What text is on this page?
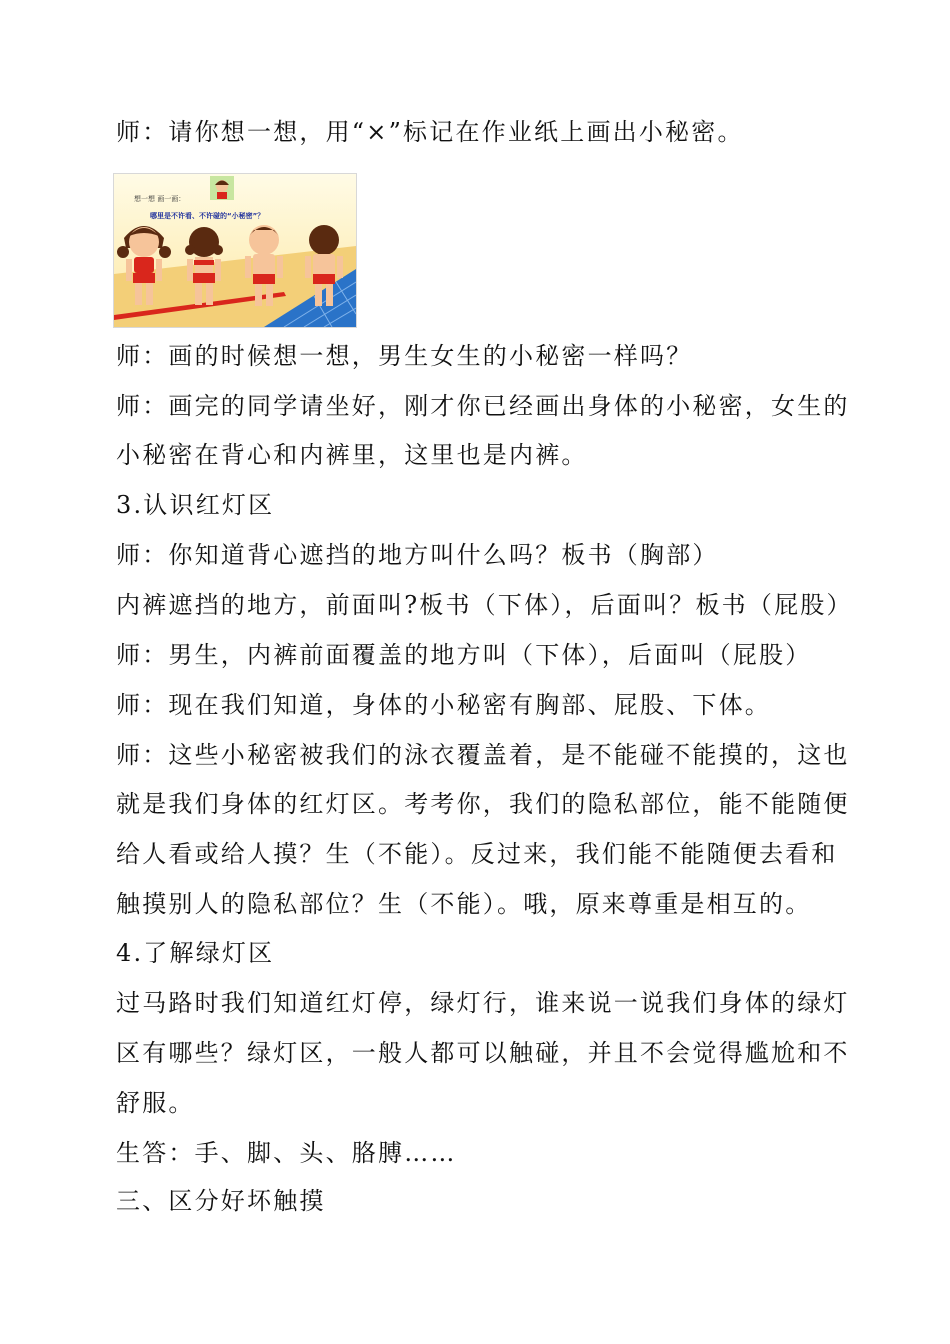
师：请你想一想，用“×”标记在作业纸上画出小秘密。
想一想 画一画：
哪里是不许看、不许碰的“小秘密”？
师：画的时候想一想，男生女生的小秘密一样吗？
师：画完的同学请坐好，刚才你已经画出身体的小秘密，女生的
小秘密在背心和内裤里，这里也是内裤。
3.认识红灯区
师：你知道背心遮挡的地方叫什么吗？板书（胸部）
内裤遮挡的地方，前面叫?板书（下体），后面叫？板书（屁股）
师：男生，内裤前面覆盖的地方叫（下体），后面叫（屁股）
师：现在我们知道，身体的小秘密有胸部、屁股、下体。
师：这些小秘密被我们的泳衣覆盖着，是不能碰不能摸的，这也
就是我们身体的红灯区。考考你，我们的隐私部位，能不能随便
给人看或给人摸？生（不能）。反过来，我们能不能随便去看和
触摸别人的隐私部位？生（不能）。哦，原来尊重是相互的。
4.了解绿灯区
过马路时我们知道红灯停，绿灯行，谁来说一说我们身体的绿灯
区有哪些？绿灯区，一般人都可以触碰，并且不会觉得尴尬和不
舒服。
生答：手、脚、头、胳膊……
三、区分好坏触摸
